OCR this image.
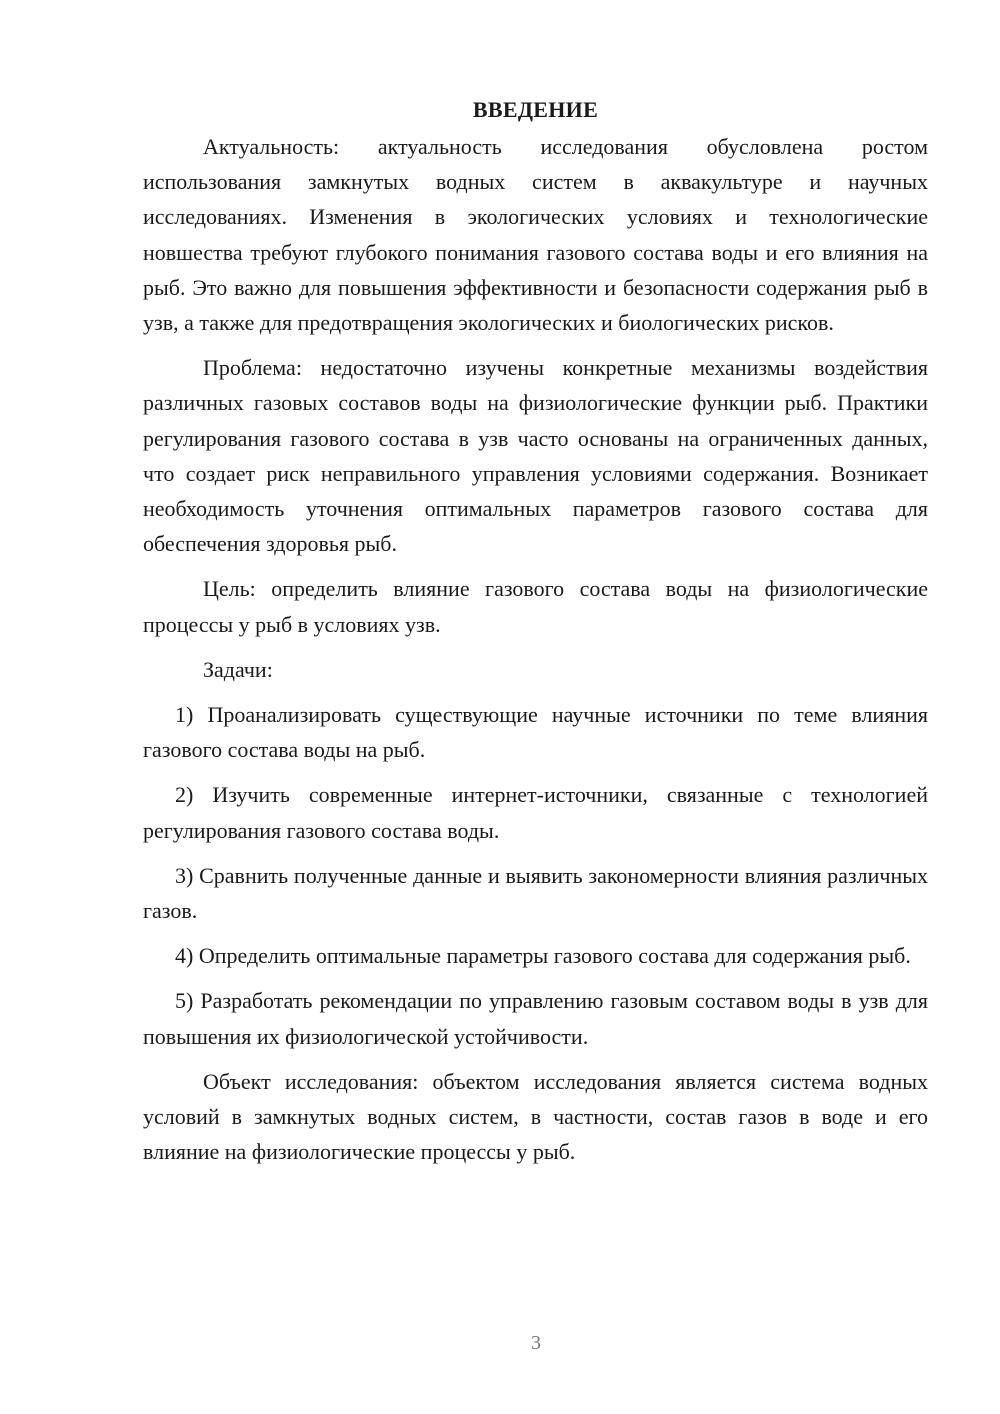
ВВЕДЕНИЕ

Актуальность: актуальность исследования обусловлена ростом использования замкнутых водных систем в аквакультуре и научных исследованиях. Изменения в экологических условиях и технологические новшества требуют глубокого понимания газового состава воды и его влияния на рыб. Это важно для повышения эффективности и безопасности содержания рыб в узв, а также для предотвращения экологических и биологических рисков.

Проблема: недостаточно изучены конкретные механизмы воздействия различных газовых составов воды на физиологические функции рыб. Практики регулирования газового состава в узв часто основаны на ограниченных данных, что создает риск неправильного управления условиями содержания. Возникает необходимость уточнения оптимальных параметров газового состава для обеспечения здоровья рыб.

Цель: определить влияние газового состава воды на физиологические процессы у рыб в условиях узв.

Задачи:

1) Проанализировать существующие научные источники по теме влияния газового состава воды на рыб.

2) Изучить современные интернет-источники, связанные с технологией регулирования газового состава воды.

3) Сравнить полученные данные и выявить закономерности влияния различных газов.

4) Определить оптимальные параметры газового состава для содержания рыб.

5) Разработать рекомендации по управлению газовым составом воды в узв для повышения их физиологической устойчивости.

Объект исследования: объектом исследования является система водных условий в замкнутых водных систем, в частности, состав газов в воде и его влияние на физиологические процессы у рыб.

3
